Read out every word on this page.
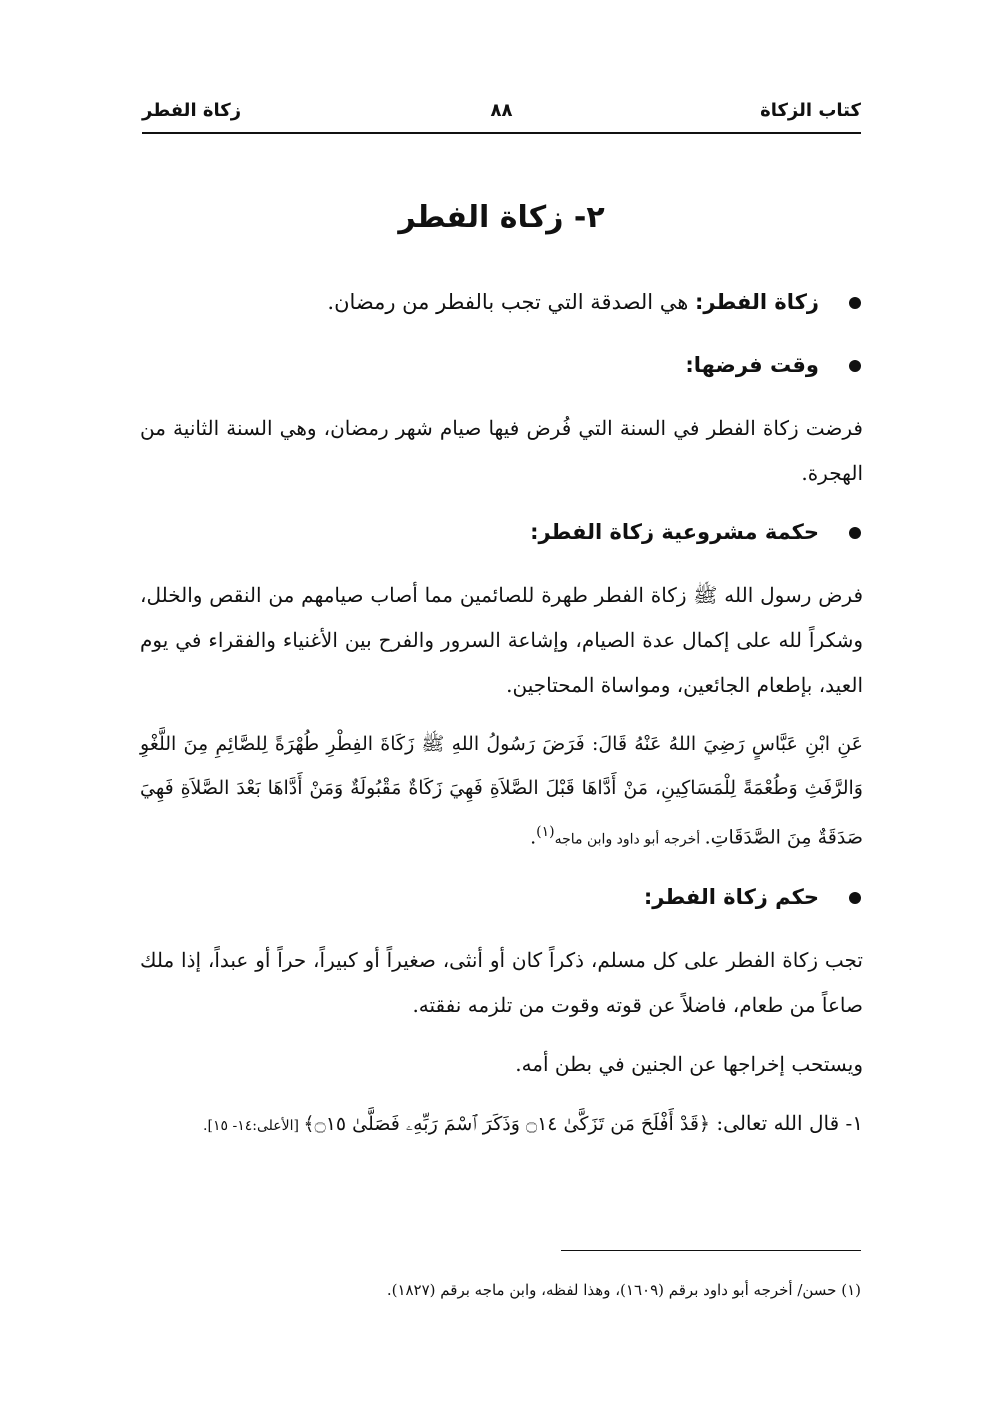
كتاب الزكاة
٨٨
زكاة الفطر
٢- زكاة الفطر

زكاة الفطر: هي الصدقة التي تجب بالفطر من رمضان.

وقت فرضها:

فرضت زكاة الفطر في السنة التي فُرض فيها صيام شهر رمضان، وهي السنة الثانية من الهجرة.

حكمة مشروعية زكاة الفطر:

فرض رسول الله ﷺ زكاة الفطر طهرة للصائمين مما أصاب صيامهم من النقص والخلل، وشكراً لله على إكمال عدة الصيام، وإشاعة السرور والفرح بين الأغنياء والفقراء في يوم العيد، بإطعام الجائعين، ومواساة المحتاجين.

عَنِ ابْنِ عَبَّاسٍ رَضِيَ اللهُ عَنْهُ قَالَ: فَرَضَ رَسُولُ اللهِ ﷺ زَكَاةَ الفِطْرِ طُهْرَةً لِلصَّائِمِ مِنَ اللَّغْوِ وَالرَّفَثِ وَطُعْمَةً لِلْمَسَاكِينِ، مَنْ أَدَّاهَا قَبْلَ الصَّلاَةِ فَهِيَ زَكَاةٌ مَقْبُولَةٌ وَمَنْ أَدَّاهَا بَعْدَ الصَّلاَةِ فَهِيَ صَدَقَةٌ مِنَ الصَّدَقَاتِ. أخرجه أبو داود وابن ماجه$^{(١)}$.

حكم زكاة الفطر:

تجب زكاة الفطر على كل مسلم، ذكراً كان أو أنثى، صغيراً أو كبيراً، حراً أو عبداً، إذا ملك صاعاً من طعام، فاضلاً عن قوته وقوت من تلزمه نفقته.

ويستحب إخراجها عن الجنين في بطن أمه.

١- قال الله تعالى: ﴿قَدْ أَفْلَحَ مَن تَزَكَّىٰ ۝١٤ وَذَكَرَ ٱسْمَ رَبِّهِۦ فَصَلَّىٰ ۝١٥﴾ [الأعلى:١٤- ١٥].

(١) حسن/ أخرجه أبو داود برقم (١٦٠٩)، وهذا لفظه، وابن ماجه برقم (١٨٢٧).
